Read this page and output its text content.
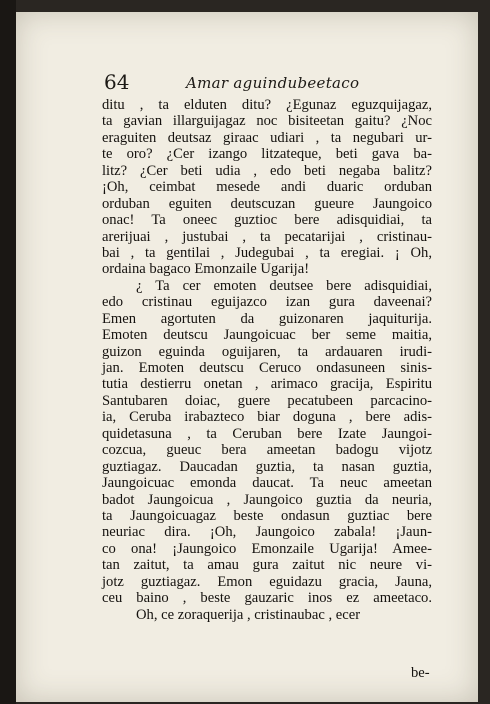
64	Amar aguindubeetaco
ditu , ta elduten ditu? ¿Egunaz eguzquijagaz,
ta gavian illarguijagaz noc bisiteetan gaitu? ¿Noc
eraguiten deutsaz giraac udiari , ta negubari ur-
te oro? ¿Cer izango litzateque, beti gava ba-
litz? ¿Cer beti udia , edo beti negaba balitz?
¡Oh, ceimbat mesede andi duaric orduban
orduban eguiten deutscuzan gueure Jaungoico
onac! Ta oneec guztioc bere adisquidiai, ta
arerijuai , justubai , ta pecatarijai , cristinau-
bai , ta gentilai , Judegubai , ta eregiai. ¡ Oh,
ordaina bagaco Emonzaile Ugarija!
¿ Ta cer emoten deutsee bere adisquidiai,
edo cristinau eguijazco izan gura daveenai?
Emen agortuten da guizonaren jaquiturija.
Emoten deutscu Jaungoicuac ber seme maitia,
guizon eguinda oguijaren, ta ardauaren irudi-
jan. Emoten deutscu Ceruco ondasuneen sinis-
tutia destierru onetan , arimaco gracija, Espiritu
Santubaren doiac, guere pecatubeen parcacino-
ia, Ceruba irabazteco biar doguna , bere adis-
quidetasuna , ta Ceruban bere Izate Jaungoi-
cozcua, gueuc bera ameetan badogu vijotz
guztiagaz. Daucadan guztia, ta nasan guztia,
Jaungoicuac emonda daucat. Ta neuc ameetan
badot Jaungoicua , Jaungoico guztia da neuria,
ta Jaungoicuagaz beste ondasun guztiac bere
neuriac dira. ¡Oh, Jaungoico zabala! ¡Jaun-
co ona! ¡Jaungoico Emonzaile Ugarija! Amee-
tan zaitut, ta amau gura zaitut nic neure vi-
jotz guztiagaz. Emon eguidazu gracia, Jauna,
ceu baino , beste gauzaric inos ez ameetaco.
Oh, ce zoraquerija , cristinaubac , ecer
be-
